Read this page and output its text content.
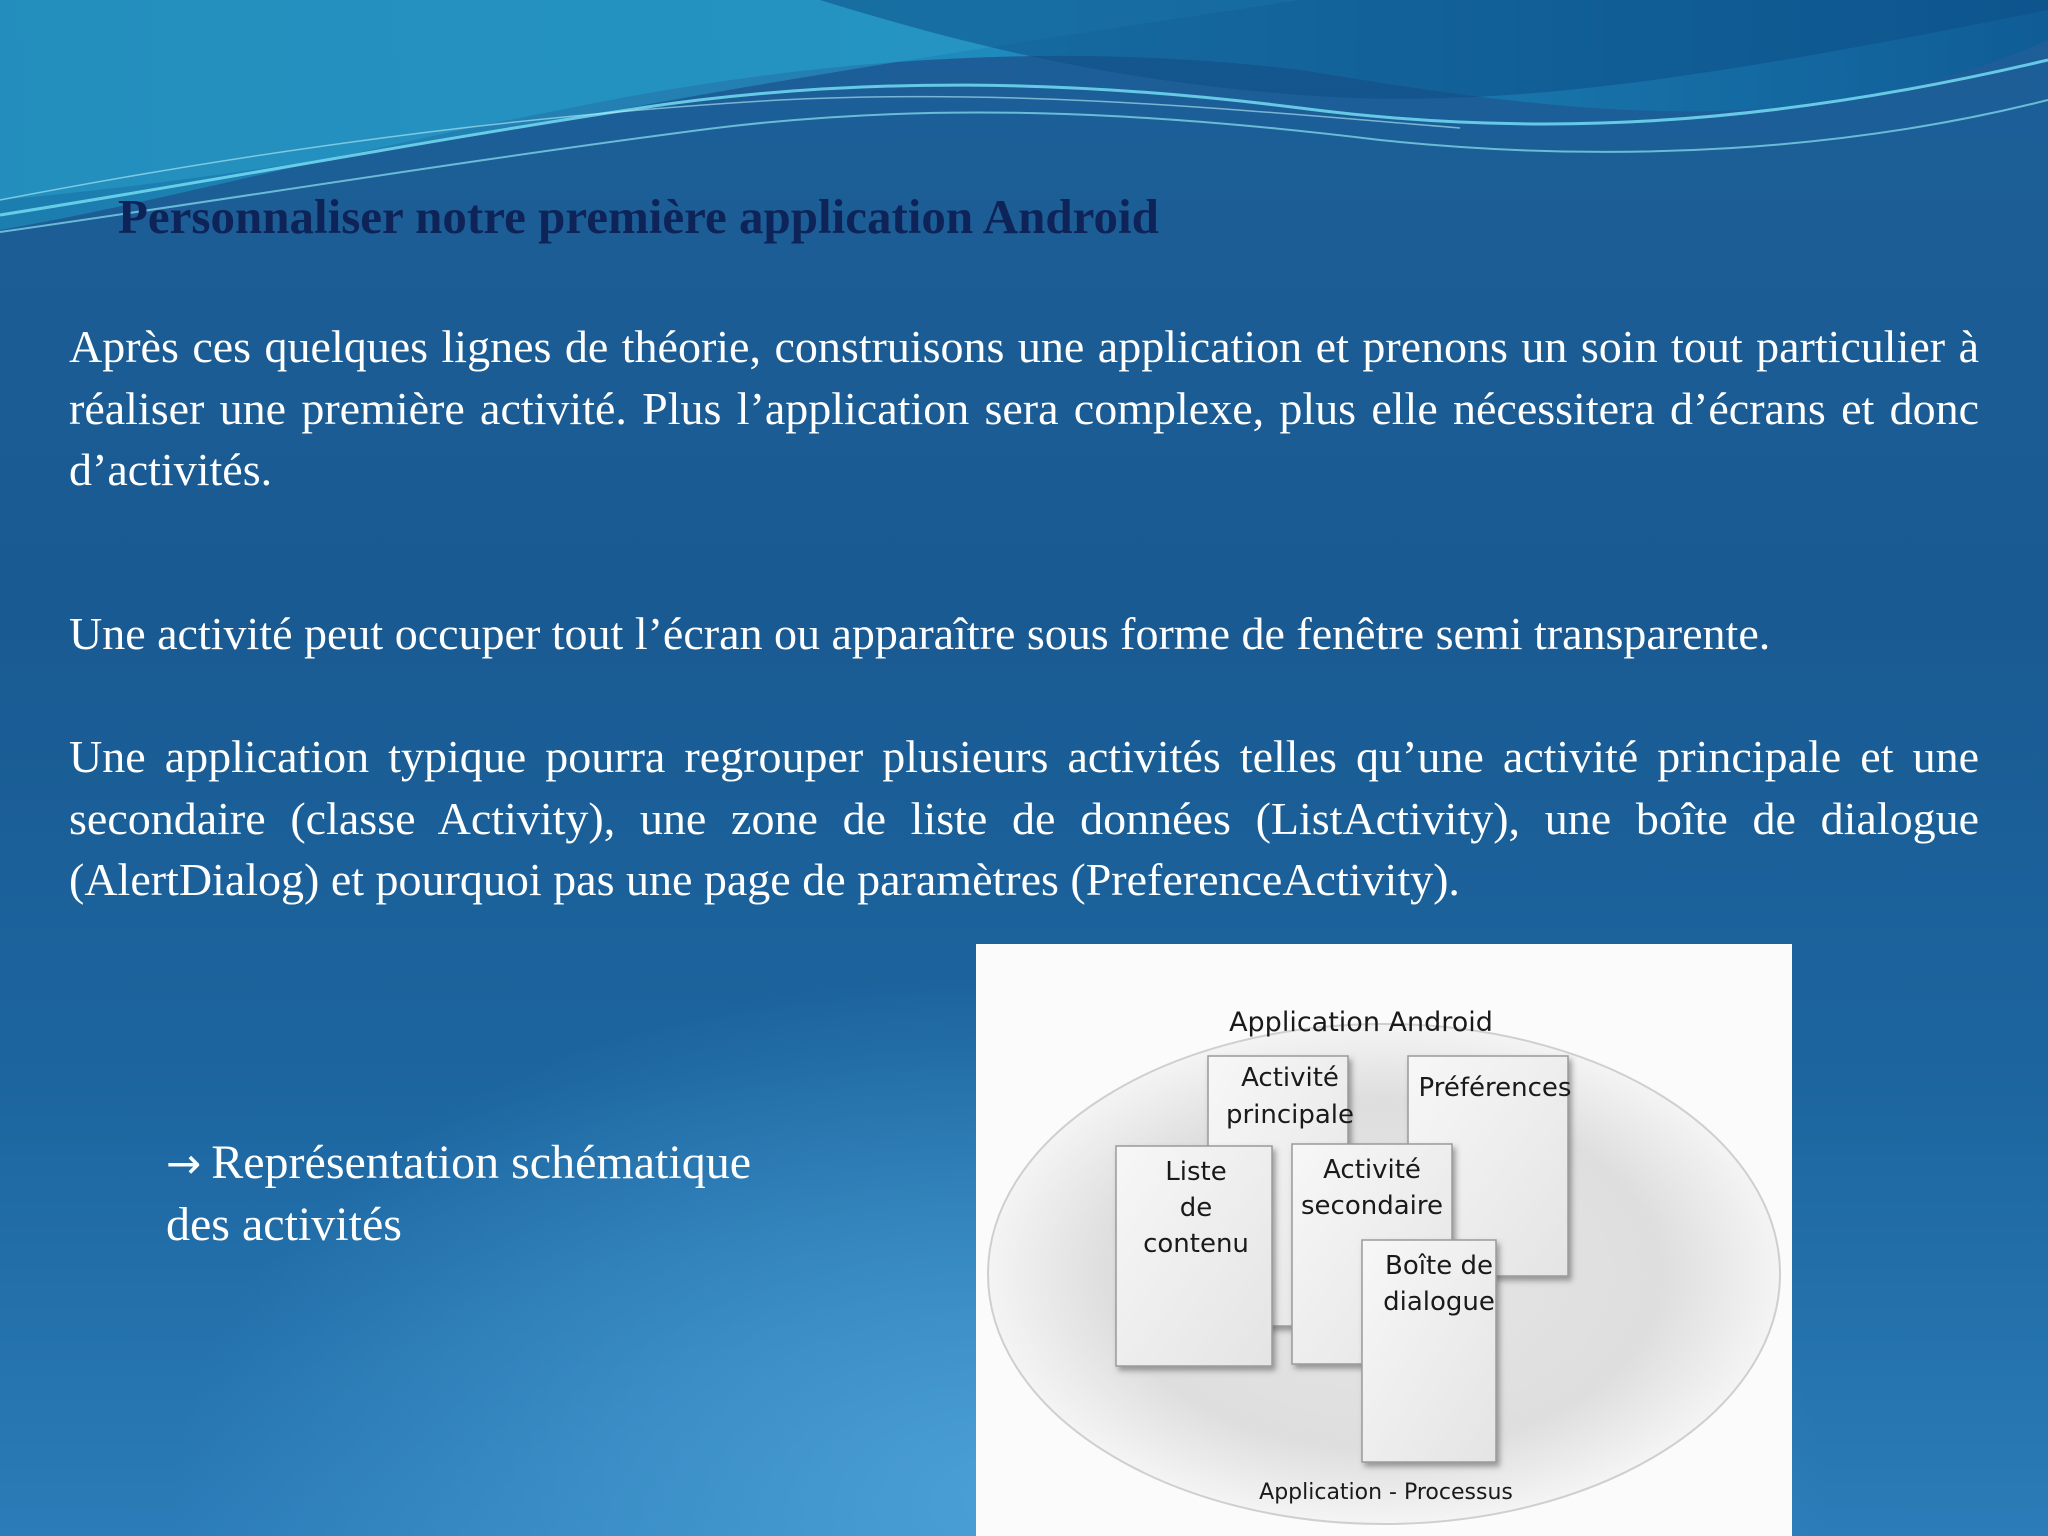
Personnaliser notre première application Android

Après ces quelques lignes de théorie, construisons une application et prenons un soin tout particulier à réaliser une première activité. Plus l’application sera complexe, plus elle nécessitera d’écrans et donc d’activités.

Une activité peut occuper tout l’écran ou apparaître sous forme de fenêtre semi transparente.

Une application typique pourra regrouper plusieurs activités telles qu’une activité principale et une secondaire (classe Activity), une zone de liste de données (ListActivity), une boîte de dialogue (AlertDialog) et pourquoi pas une page de paramètres (PreferenceActivity).

→ Représentation schématique
des activités
Application Android
Préférences
Activité
principale
Liste
de
contenu
Activité
secondaire
Boîte de
dialogue
Application - Processus
